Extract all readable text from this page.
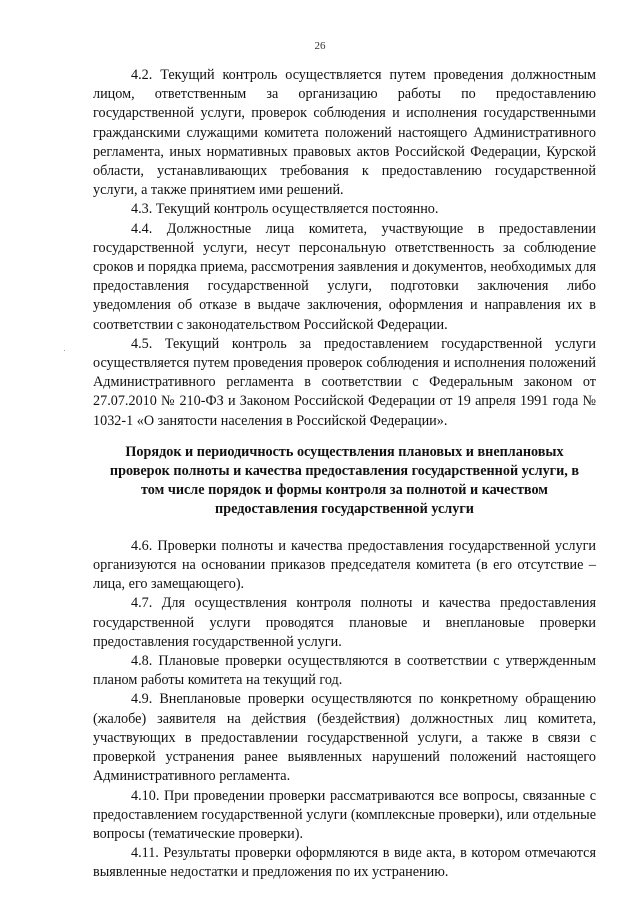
26

4.2. Текущий контроль осуществляется путем проведения должностным лицом, ответственным за организацию работы по предоставлению государственной услуги, проверок соблюдения и исполнения государственными гражданскими служащими комитета положений настоящего Административного регламента, иных нормативных правовых актов Российской Федерации, Курской области, устанавливающих требования к предоставлению государственной услуги, а также принятием ими решений.

4.3. Текущий контроль осуществляется постоянно.

4.4. Должностные лица комитета, участвующие в предоставлении государственной услуги, несут персональную ответственность за соблюдение сроков и порядка приема, рассмотрения заявления и документов, необходимых для предоставления государственной услуги, подготовки заключения либо уведомления об отказе в выдаче заключения, оформления и направления их в соответствии с законодательством Российской Федерации.

4.5. Текущий контроль за предоставлением государственной услуги осуществляется путем проведения проверок соблюдения и исполнения положений Административного регламента в соответствии с Федеральным законом от 27.07.2010 № 210-ФЗ и Законом Российской Федерации от 19 апреля 1991 года № 1032-1 «О занятости населения в Российской Федерации».

Порядок и периодичность осуществления плановых и внеплановых проверок полноты и качества предоставления государственной услуги, в том числе порядок и формы контроля за полнотой и качеством предоставления государственной услуги

4.6. Проверки полноты и качества предоставления государственной услуги организуются на основании приказов председателя комитета (в его отсутствие – лица, его замещающего).

4.7. Для осуществления контроля полноты и качества предоставления государственной услуги проводятся плановые и внеплановые проверки предоставления государственной услуги.

4.8. Плановые проверки осуществляются в соответствии с утвержденным планом работы комитета на текущий год.

4.9. Внеплановые проверки осуществляются по конкретному обращению (жалобе) заявителя на действия (бездействия) должностных лиц комитета, участвующих в предоставлении государственной услуги, а также в связи с проверкой устранения ранее выявленных нарушений положений настоящего Административного регламента.

4.10. При проведении проверки рассматриваются все вопросы, связанные с предоставлением государственной услуги (комплексные проверки), или отдельные вопросы (тематические проверки).

4.11. Результаты проверки оформляются в виде акта, в котором отмечаются выявленные недостатки и предложения по их устранению.
